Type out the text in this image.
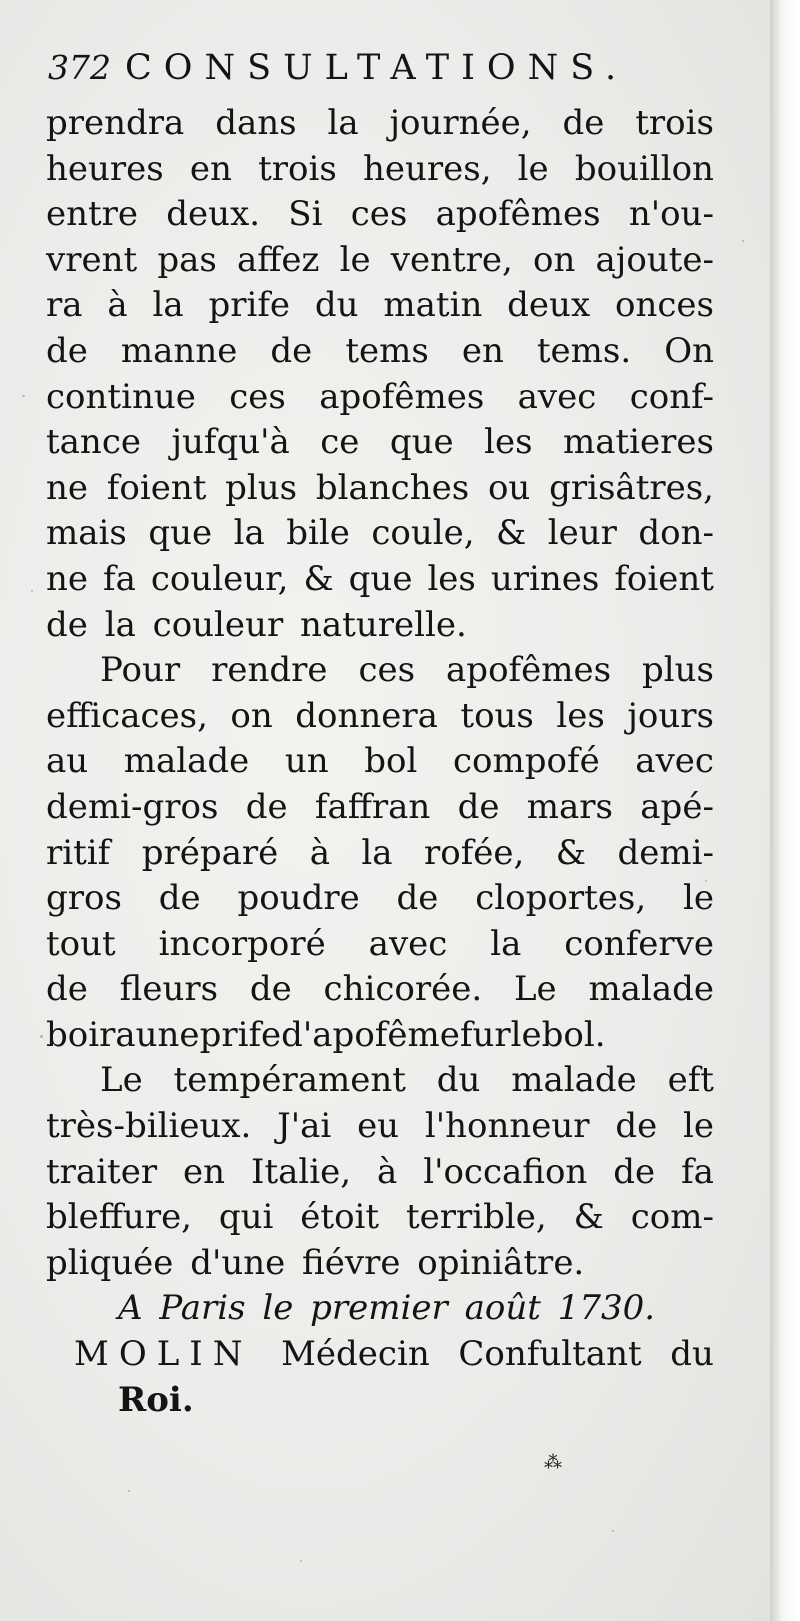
372 CONSULTATIONS.
prendra dans la journée, de trois
heures en trois heures, le bouillon
entre deux. Si ces apofêmes n'ou-
vrent pas affez le ventre, on ajoute-
ra à la prife du matin deux onces
de manne de tems en tems. On
continue ces apofêmes avec conf-
tance jufqu'à ce que les matieres
ne foient plus blanches ou grisâtres,
mais que la bile coule, & leur don-
ne fa couleur, & que les urines foient
de la couleur naturelle.
Pour rendre ces apofêmes plus
efficaces, on donnera tous les jours
au malade un bol compofé avec
demi-gros de faffran de mars apé-
ritif préparé à la rofée, & demi-
gros de poudre de cloportes, le
tout incorporé avec la conferve
de fleurs de chicorée. Le malade
boira une prife d'apofême fur le bol.
Le tempérament du malade eft
très-bilieux. J'ai eu l'honneur de le
traiter en Italie, à l'occafion de fa
bleffure, qui étoit terrible, & com-
pliquée d'une fiévre opiniâtre.
A Paris le premier août 1730.
MOLIN Médecin Confultant du
Roi.
⁂
